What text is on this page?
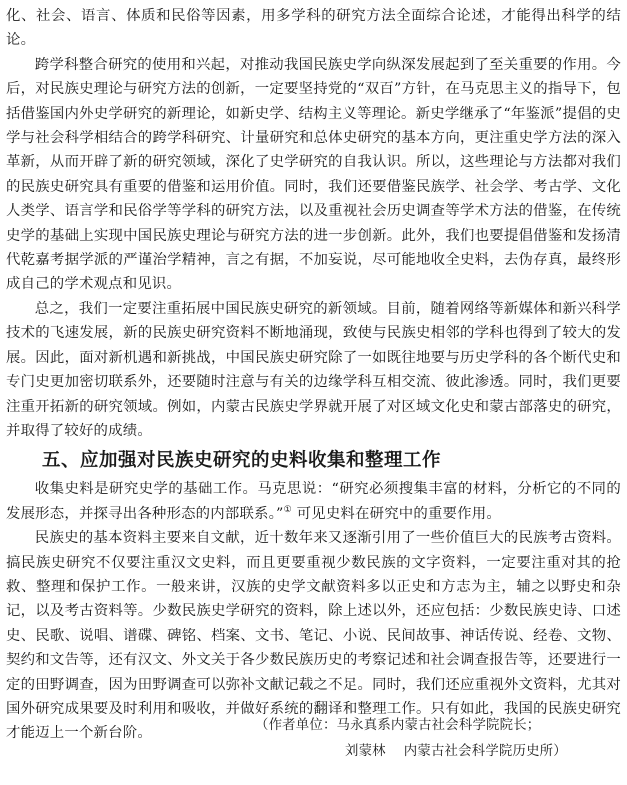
化、社会、语言、体质和民俗等因素，用多学科的研究方法全面综合论述，才能得出科学的结论。

跨学科整合研究的使用和兴起，对推动我国民族史学向纵深发展起到了至关重要的作用。今后，对民族史理论与研究方法的创新，一定要坚持党的“双百”方针，在马克思主义的指导下，包括借鉴国内外史学研究的新理论，如新史学、结构主义等理论。新史学继承了“年鉴派”提倡的史学与社会科学相结合的跨学科研究、计量研究和总体史研究的基本方向，更注重史学方法的深入革新，从而开辟了新的研究领域，深化了史学研究的自我认识。所以，这些理论与方法都对我们的民族史研究具有重要的借鉴和运用价值。同时，我们还要借鉴民族学、社会学、考古学、文化人类学、语言学和民俗学等学科的研究方法，以及重视社会历史调查等学术方法的借鉴，在传统史学的基础上实现中国民族史理论与研究方法的进一步创新。此外，我们也要提倡借鉴和发扬清代乾嘉考据学派的严谨治学精神，言之有据，不加妄说，尽可能地收全史料，去伪存真，最终形成自己的学术观点和见识。

总之，我们一定要注重拓展中国民族史研究的新领域。目前，随着网络等新媒体和新兴科学技术的飞速发展，新的民族史研究资料不断地涌现，致使与民族史相邻的学科也得到了较大的发展。因此，面对新机遇和新挑战，中国民族史研究除了一如既往地要与历史学科的各个断代史和专门史更加密切联系外，还要随时注意与有关的边缘学科互相交流、彼此渗透。同时，我们更要注重开拓新的研究领域。例如，内蒙古民族史学界就开展了对区域文化史和蒙古部落史的研究，并取得了较好的成绩。

五、应加强对民族史研究的史料收集和整理工作

收集史料是研究史学的基础工作。马克思说：“研究必须搜集丰富的材料，分析它的不同的发展形态，并探寻出各种形态的内部联系。”① 可见史料在研究中的重要作用。

民族史的基本资料主要来自文献，近十数年来又逐渐引用了一些价值巨大的民族考古资料。搞民族史研究不仅要注重汉文史料，而且更要重视少数民族的文字资料，一定要注重对其的抢救、整理和保护工作。一般来讲，汉族的史学文献资料多以正史和方志为主，辅之以野史和杂记，以及考古资料等。少数民族史学研究的资料，除上述以外，还应包括：少数民族史诗、口述史、民歌、说唱、谱碟、碑铭、档案、文书、笔记、小说、民间故事、神话传说、经卷、文物、契约和文告等，还有汉文、外文关于各少数民族历史的考察记述和社会调查报告等，还要进行一定的田野调查，因为田野调查可以弥补文献记载之不足。同时，我们还应重视外文资料，尤其对国外研究成果要及时利用和吸收，并做好系统的翻译和整理工作。只有如此，我国的民族史研究才能迈上一个新台阶。	（作者单位：马永真系内蒙古社会科学院院长；
刘蒙林 内蒙古社会科学院历史所）
